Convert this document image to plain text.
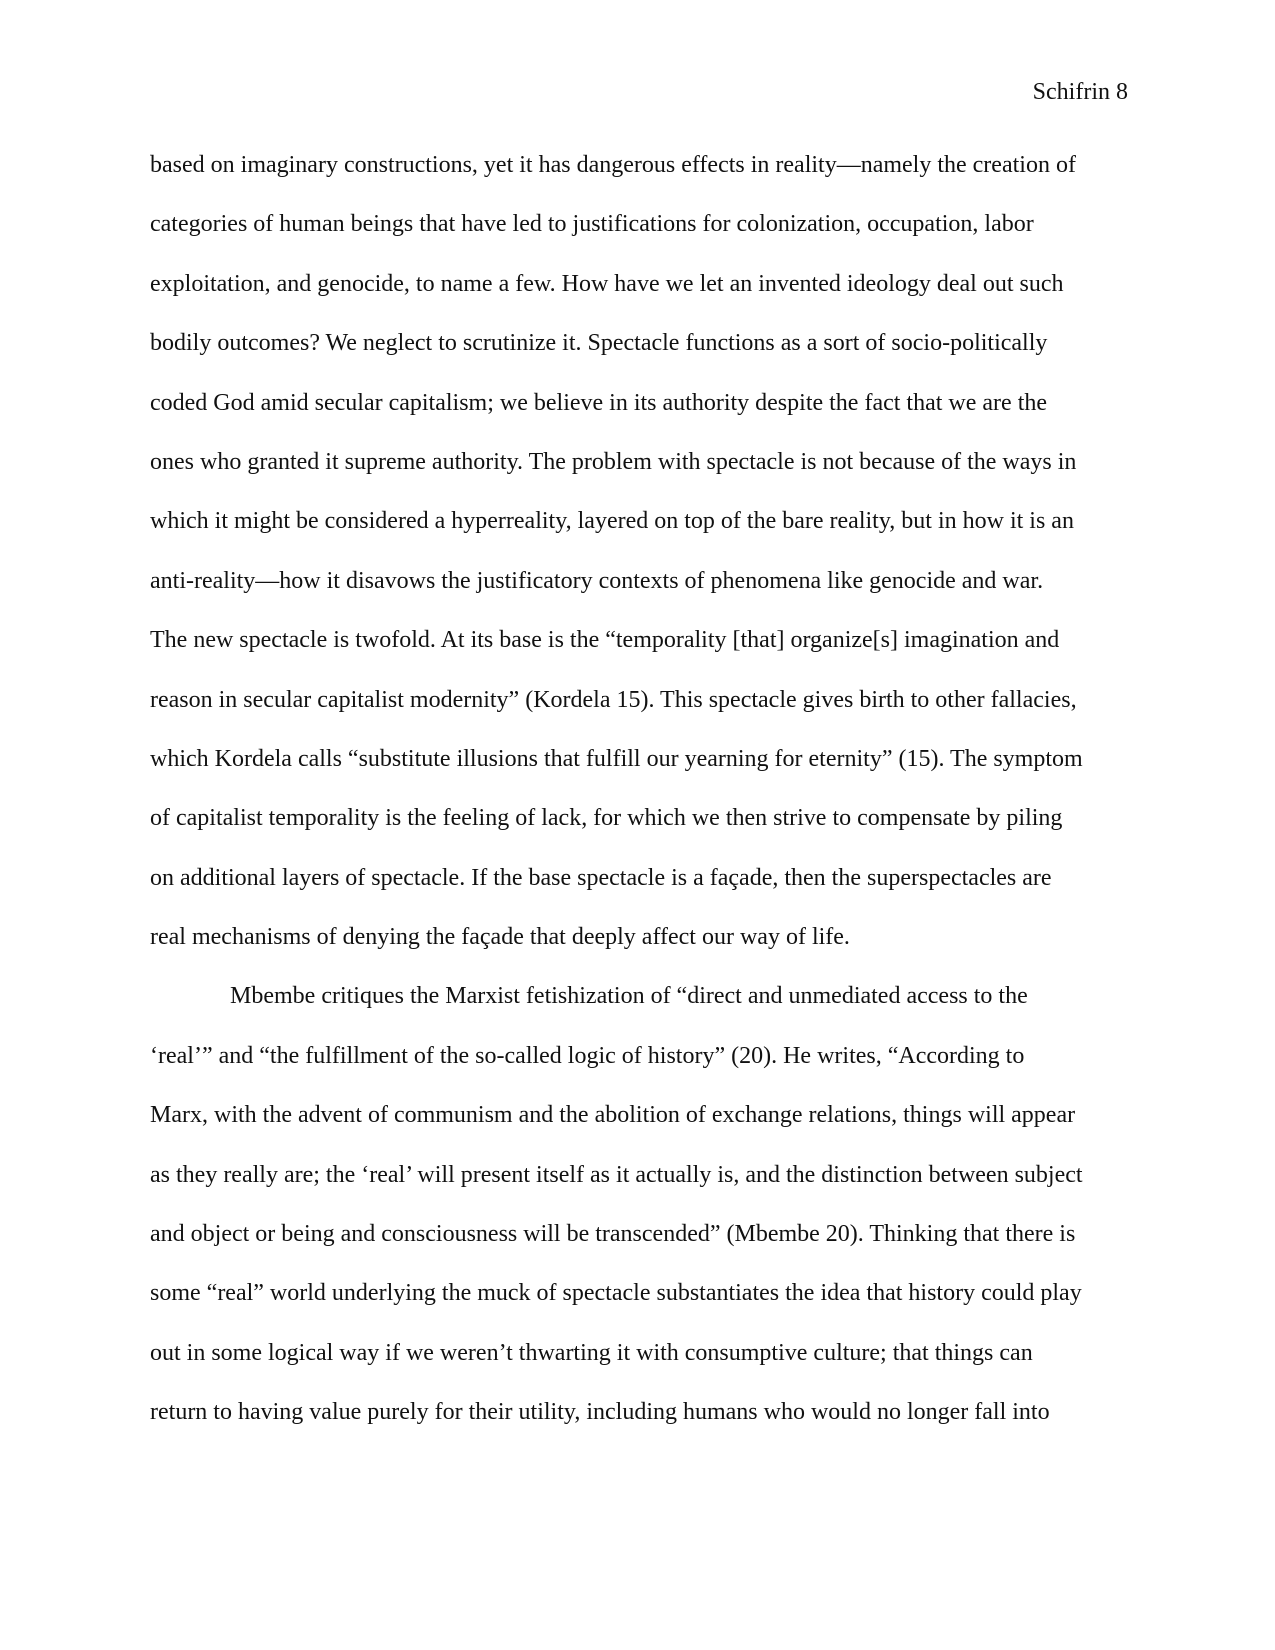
Schifrin 8
based on imaginary constructions, yet it has dangerous effects in reality—namely the creation of
categories of human beings that have led to justifications for colonization, occupation, labor
exploitation, and genocide, to name a few. How have we let an invented ideology deal out such
bodily outcomes? We neglect to scrutinize it. Spectacle functions as a sort of socio-politically
coded God amid secular capitalism; we believe in its authority despite the fact that we are the
ones who granted it supreme authority. The problem with spectacle is not because of the ways in
which it might be considered a hyperreality, layered on top of the bare reality, but in how it is an
anti-reality—how it disavows the justificatory contexts of phenomena like genocide and war.
The new spectacle is twofold. At its base is the “temporality [that] organize[s] imagination and
reason in secular capitalist modernity” (Kordela 15). This spectacle gives birth to other fallacies,
which Kordela calls “substitute illusions that fulfill our yearning for eternity” (15). The symptom
of capitalist temporality is the feeling of lack, for which we then strive to compensate by piling
on additional layers of spectacle. If the base spectacle is a façade, then the superspectacles are
real mechanisms of denying the façade that deeply affect our way of life.
Mbembe critiques the Marxist fetishization of “direct and unmediated access to the
‘real’” and “the fulfillment of the so-called logic of history” (20). He writes, “According to
Marx, with the advent of communism and the abolition of exchange relations, things will appear
as they really are; the ‘real’ will present itself as it actually is, and the distinction between subject
and object or being and consciousness will be transcended” (Mbembe 20). Thinking that there is
some “real” world underlying the muck of spectacle substantiates the idea that history could play
out in some logical way if we weren’t thwarting it with consumptive culture; that things can
return to having value purely for their utility, including humans who would no longer fall into
